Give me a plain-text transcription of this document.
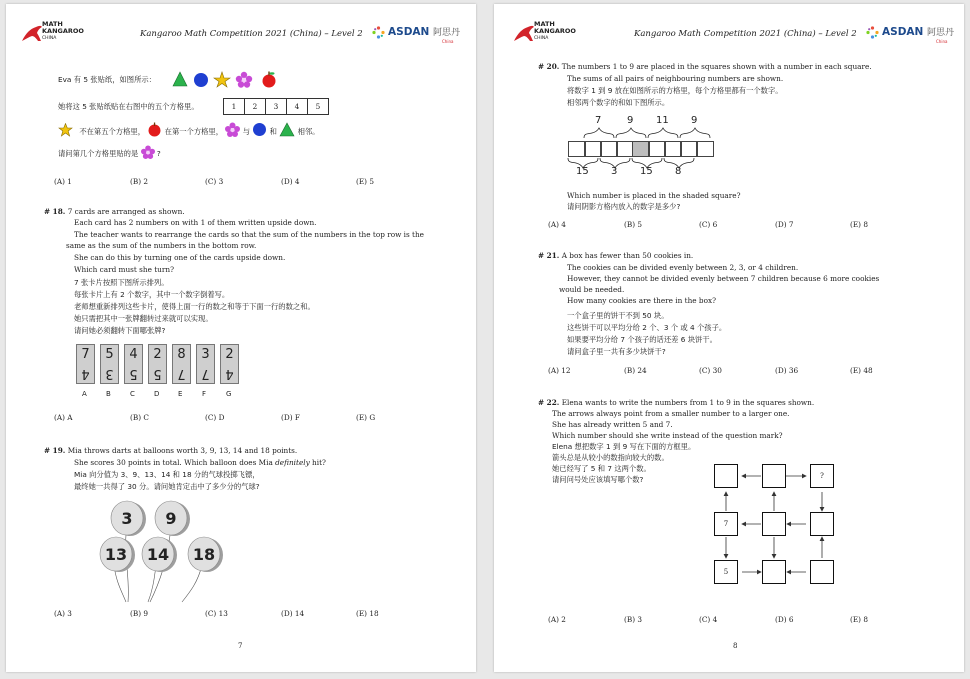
MATH
KANGAROO
CHINA	Kangaroo Math Competition 2021 (China) – Level 2 ASDAN 阿思丹
China
Eva 有 5 张贴纸，如图所示：
她将这 5 张贴纸贴在右图中的五个方格里。	1 2 3 4 5
不在第五个方格里，	在第一个方格里，	与	和	相邻。
请问第几个方格里贴的是	?
(A) 1	(B) 2	(C) 3	(D) 4	(E) 5
# 18. 7 cards are arranged as shown.
Each card has 2 numbers on with 1 of them written upside down.
The teacher wants to rearrange the cards so that the sum of the numbers in the top row is the
same as the sum of the numbers in the bottom row.
She can do this by turning one of the cards upside down.
Which card must she turn?
7 张卡片按照下图所示排列。
每张卡片上有 2 个数字，其中一个数字倒着写。
老师想重新排列这些卡片，使得上面一行的数之和等于下面一行的数之和。
她只需把其中一张牌翻转过来就可以实现。
请问她必须翻转下面哪张牌?
7
4
5
3
4
5
2
5
8
7
3
7
2
4
A	B	C	D	E	F	G
(A) A	(B) C	(C) D	(D) F	(E) G
# 19. Mia throws darts at balloons worth 3, 9, 13, 14 and 18 points.
She scores 30 points in total. Which balloon does Mia definitely hit?
Mia 向分值为 3、9、13、14 和 18 分的气球投掷飞镖，
最终她一共得了 30 分。请问她肯定击中了多少分的气球?
3 9
13 14 18
(A) 3	(B) 9	(C) 13	(D) 14	(E) 18
7
MATH
KANGAROO
CHINA	Kangaroo Math Competition 2021 (China) – Level 2 ASDAN 阿思丹
China
# 20. The numbers 1 to 9 are placed in the squares shown with a number in each square.
The sums of all pairs of neighbouring numbers are shown.
将数字 1 到 9 放在如图所示的方格里，每个方格里都有一个数字。
相邻两个数字的和如下图所示。
7	9 11 9
15 3 15 8
Which number is placed in the shaded square?
请问阴影方格内放入的数字是多少?
(A) 4	(B) 5	(C) 6	(D) 7	(E) 8
# 21. A box has fewer than 50 cookies in.
The cookies can be divided evenly between 2, 3, or 4 children.
However, they cannot be divided evenly between 7 children because 6 more cookies
would be needed.
How many cookies are there in the box?
一个盒子里的饼干不到 50 块。
这些饼干可以平均分给 2 个、3 个 或 4 个孩子。
如果要平均分给 7 个孩子的话还差 6 块饼干。
请问盒子里一共有多少块饼干?
(A) 12	(B) 24	(C) 30	(D) 36	(E) 48
# 22. Elena wants to write the numbers from 1 to 9 in the squares shown.
The arrows always point from a smaller number to a larger one.
She has already written 5 and 7.
Which number should she write instead of the question mark?
Elena 想把数字 1 到 9 写在下面的方框里。
箭头总是从较小的数指向较大的数。
她已经写了 5 和 7 这两个数。
请问问号处应该填写哪个数?	?
7
5
(A) 2	(B) 3	(C) 4	(D) 6	(E) 8
8
